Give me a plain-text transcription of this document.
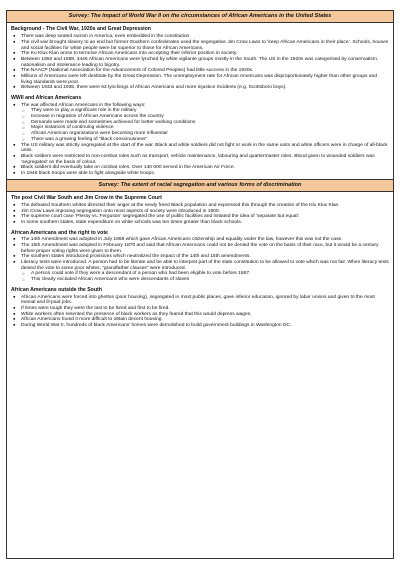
Survey: The impact of World War II on the circumstances of African Americans in the United States
Background - The Civil War, 1920s and Great Depression
● There was deep seated racism in America, even embedded in the constitution.
● The civil war brought slavery to an end but former Southern confederates used the segregative Jim Crow Laws to ‘keep African Americans in their place’. Schools, houses and social facilities for white people were far superior to those for African Americans.
● The Ku Klux Klan arose to terrorise African Americans into accepting their inferior position in society.
● Between 1882 and 1968, 3446 African Americans were lynched by white vigilante groups mostly in the South. The US in the 1920s was categorised by conservatism, nationalism and intolerance leading to bigotry.
● The NAACP (National Association for the Advancement of Colored Peoples) had little success in the 1920s.
● Millions of Americans were left destitute by the Great Depression. The unemployment rate for African Americans was disproportionately higher than other groups and living standards were poor.
● Between 1933 and 1935, there were 63 lynchings of African Americans and more injustice incidents (e.g. Scottsboro boys).
WWII and African Americans
● The war affected African Americans in the following ways:
○ They were to play a significant role in the military
○ Increase in migration of African Americans across the country
○ Demands were made and sometimes achieved for better working conditions
○ Major instances of continuing violence
○ African American organizations were becoming more influential
○ There was a growing feeling of “black consciousness”
● The US military was strictly segregated at the start of the war. Black and white soldiers did not fight or work in the same units and white officers were in charge of all-black units.
● Black soldiers were restricted to non-combat roles such as transport, vehicle maintenance, labouring and quartermaster roles. Blood given to wounded soldiers was ‘segregated’ on the basis of colour.
● Black soldiers did eventually take on combat roles. Over 140 000 served in the American Air Force.
● In 1948 black troops were able to fight alongside white troops.
Survey: The extent of racial segregation and various forms of discrimination
The post Civil War South and Jim Crow in the Supreme Court
● The defeated Southern whites directed their anger at the newly freed Black population and expressed this through the creation of the Klu Klux Klan.
● Jim Crow Laws imposing segregation onto most aspects of society were introduced in 1900.
● The supreme court case ‘Plessy vs. Ferguson’ segregated the use of public facilities and initiated the idea of ‘separate but equal’.
● In some southern states, state expenditure on white schools was ten times greater than black schools.
African Americans and the right to vote
● The 14th Amendment was adopted in July 1868 which gave African Americans citizenship and equality under the law, however this was not the case.
● The 15th Amendment was adopted in February 1870 and said that African Americans could not be denied the vote on the basis of their race, but it would be a century before proper voting rights were given to them.
● The southern states introduced provisions which neutralized the impact of the 14th and 15th amendments.
● Literacy tests were introduced. A person had to be literate and be able to interpret part of the state constitution to be allowed to vote which was not fair. When literacy tests denied the vote to some poor whites, “grandfather clauses” were introduced.
○ A person could vote if they were a descendant of a person who had been eligible to vote before 1867.
○ This clearly excluded African Americans who were descendants of slaves
African Americans outside the South
● African Americans were forced into ghettos (poor housing), segregated in most public places, gave inferior education, ignored by labor unions and given to the most menial and ill-paid jobs.
● If times were tough they were the last to be hired and first to be fired.
● White workers often resented the presence of black workers as they feared that this would depress wages.
● African Americans found it more difficult to obtain decent housing
● During World War II, hundreds of black Americans’ homes were demolished to build government buildings in Washington DC.
